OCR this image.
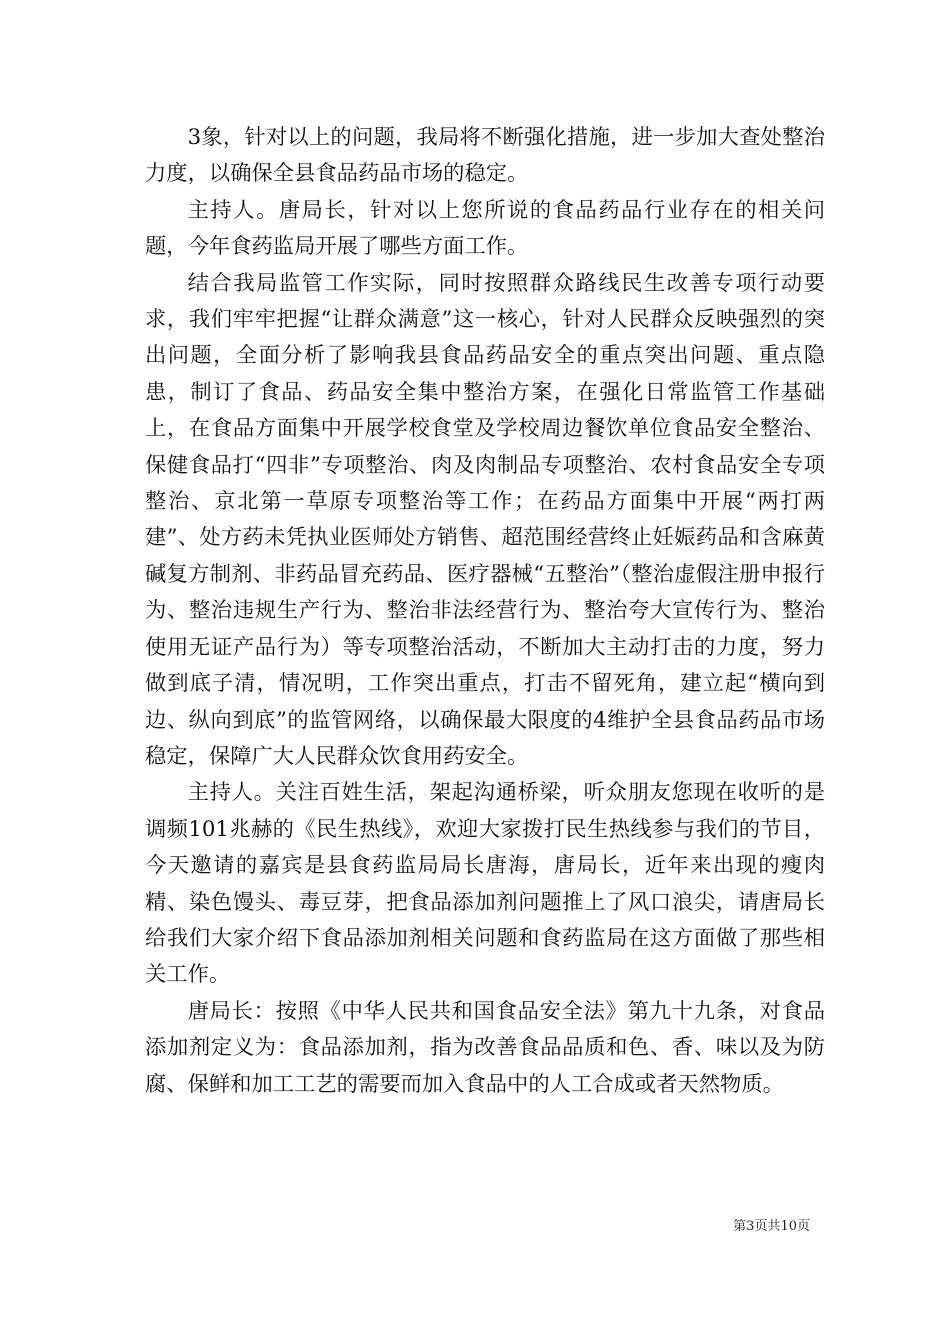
3象，针对以上的问题，我局将不断强化措施，进一步加大查处整治力度，以确保全县食品药品市场的稳定。

主持人。唐局长，针对以上您所说的食品药品行业存在的相关问题，今年食药监局开展了哪些方面工作。

结合我局监管工作实际，同时按照群众路线民生改善专项行动要求，我们牢牢把握“让群众满意”这一核心，针对人民群众反映强烈的突出问题，全面分析了影响我县食品药品安全的重点突出问题、重点隐患，制订了食品、药品安全集中整治方案，在强化日常监管工作基础上，在食品方面集中开展学校食堂及学校周边餐饮单位食品安全整治、保健食品打“四非”专项整治、肉及肉制品专项整治、农村食品安全专项整治、京北第一草原专项整治等工作；在药品方面集中开展“两打两建”、处方药未凭执业医师处方销售、超范围经营终止妊娠药品和含麻黄碱复方制剂、非药品冒充药品、医疗器械“五整治”（整治虚假注册申报行为、整治违规生产行为、整治非法经营行为、整治夸大宣传行为、整治使用无证产品行为）等专项整治活动，不断加大主动打击的力度，努力做到底子清，情况明，工作突出重点，打击不留死角，建立起“横向到边、纵向到底”的监管网络，以确保最大限度的4维护全县食品药品市场稳定，保障广大人民群众饮食用药安全。

主持人。关注百姓生活，架起沟通桥梁，听众朋友您现在收听的是调频101兆赫的《民生热线》，欢迎大家拨打民生热线参与我们的节目，今天邀请的嘉宾是县食药监局局长唐海，唐局长，近年来出现的瘦肉精、染色馒头、毒豆芽，把食品添加剂问题推上了风口浪尖，请唐局长给我们大家介绍下食品添加剂相关问题和食药监局在这方面做了那些相关工作。

唐局长：按照《中华人民共和国食品安全法》第九十九条，对食品添加剂定义为：食品添加剂，指为改善食品品质和色、香、味以及为防腐、保鲜和加工工艺的需要而加入食品中的人工合成或者天然物质。

第3页共10页
